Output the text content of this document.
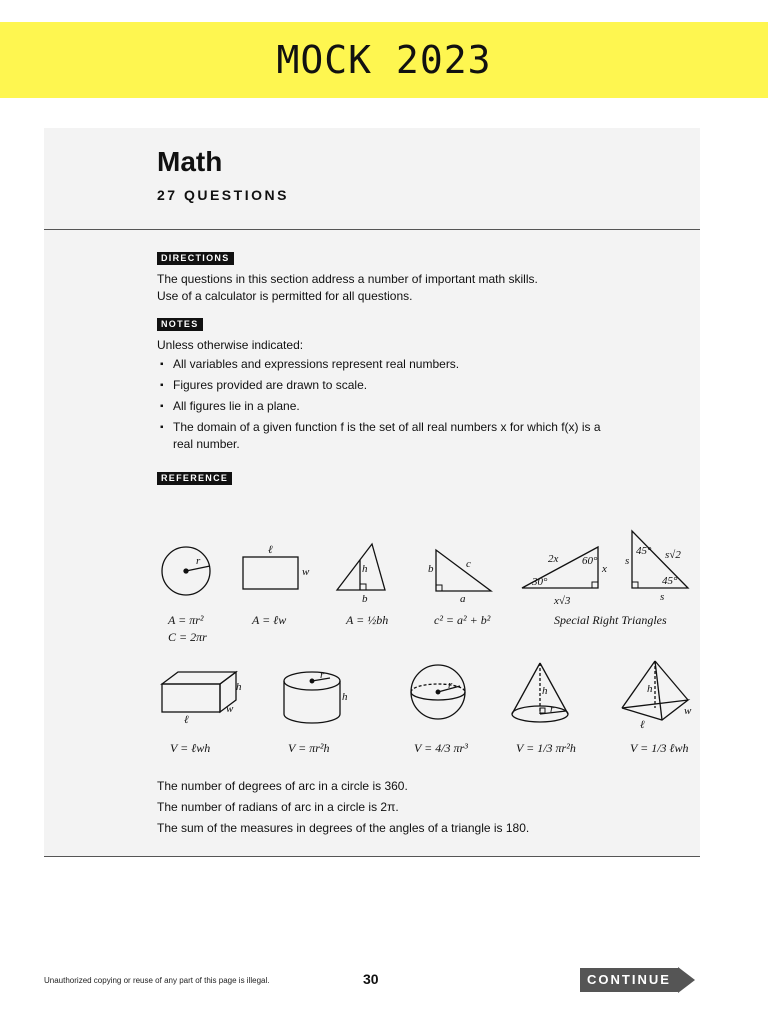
MOCK 2023
Math
27 QUESTIONS
DIRECTIONS

The questions in this section address a number of important math skills.

Use of a calculator is permitted for all questions.

NOTES

Unless otherwise indicated:

▪ All variables and expressions represent real numbers.
▪ Figures provided are drawn to scale.
▪ All figures lie in a plane.
▪ The domain of a given function f is the set of all real numbers x for which f(x) is a real number.
REFERENCE
r
ℓ
w	h
b
b	c
a
2x 60°
30°
x
x√3
s
45° s√2
45°
s
A = πr²
C = 2πr
A = ℓw	A = ½bh	c² = a² + b²	Special Right Triangles
h
w
ℓ
r
h
r	h
r
h
ℓ
w
V = ℓwh	V = πr²h	V = 4/3 πr³	V = 1/3 πr²h	V = 1/3 ℓwh
The number of degrees of arc in a circle is 360.
The number of radians of arc in a circle is 2π.
The sum of the measures in degrees of the angles of a triangle is 180.
Unauthorized copying or reuse of any part of this page is illegal.	30	CONTINUE
